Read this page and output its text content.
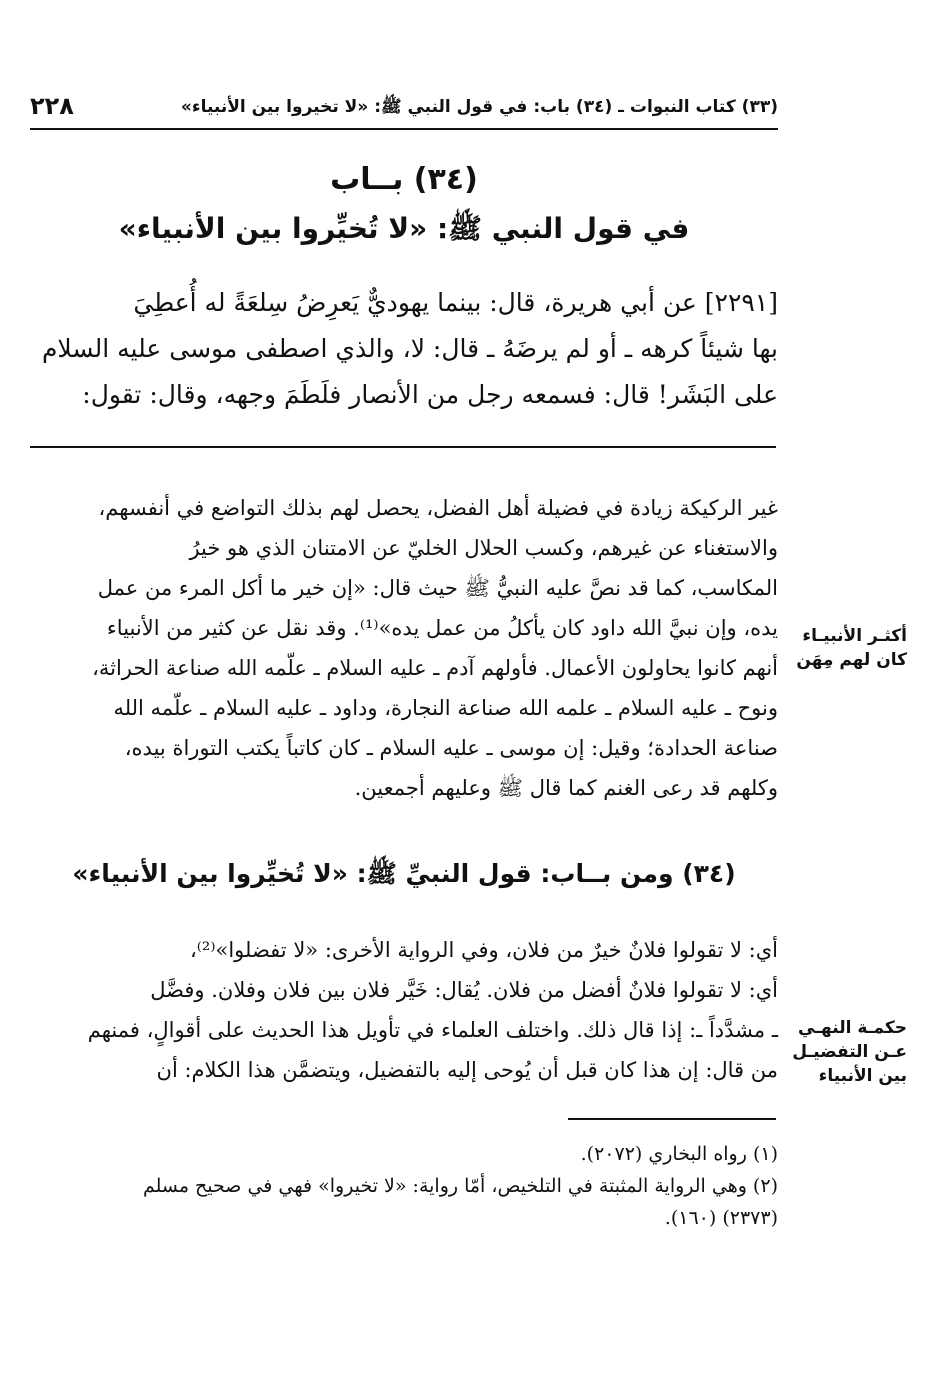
٢٢٨	(٣٣) كتاب النبوات ـ (٣٤) باب: في قول النبي ﷺ: «لا تخيروا بين الأنبياء»
(٣٤) بــاب
في قول النبي ﷺ: «لا تُخيِّروا بين الأنبياء»
[٢٢٩١] عن أبي هريرة، قال: بينما يهوديٌّ يَعرِضُ سِلعَةً له أُعطِيَ
بها شيئاً كرهه ـ أو لم يرضَهُ ـ قال: لا، والذي اصطفى موسى عليه السلام
على البَشَر! قال: فسمعه رجل من الأنصار فلَطَمَ وجهه، وقال: تقول:
غير الركيكة زيادة في فضيلة أهل الفضل، يحصل لهم بذلك التواضع في أنفسهم،
والاستغناء عن غيرهم، وكسب الحلال الخليّ عن الامتنان الذي هو خيرُ
المكاسب، كما قد نصَّ عليه النبيُّ ﷺ حيث قال: «إن خير ما أكل المرء من عمل
يده، وإن نبيَّ الله داود كان يأكلُ من عمل يده»⁽¹⁾. وقد نقل عن كثير من الأنبياء
أنهم كانوا يحاولون الأعمال. فأولهم آدم ـ عليه السلام ـ علّمه الله صناعة الحراثة،
ونوح ـ عليه السلام ـ علمه الله صناعة النجارة، وداود ـ عليه السلام ـ علّمه الله
صناعة الحدادة؛ وقيل: إن موسى ـ عليه السلام ـ كان كاتباً يكتب التوراة بيده،
وكلهم قد رعى الغنم كما قال ﷺ وعليهم أجمعين.
أكثـر الأنبيـاء
كان لهم مِهَن
(٣٤) ومن بــاب: قول النبيِّ ﷺ: «لا تُخيِّروا بين الأنبياء»
أي: لا تقولوا فلانٌ خيرٌ من فلان، وفي الرواية الأخرى: «لا تفضلوا»⁽²⁾،
أي: لا تقولوا فلانٌ أفضل من فلان. يُقال: خَيَّر فلان بين فلان وفلان. وفضَّل
ـ مشدَّداً ـ: إذا قال ذلك. واختلف العلماء في تأويل هذا الحديث على أقوالٍ، فمنهم
من قال: إن هذا كان قبل أن يُوحى إليه بالتفضيل، ويتضمَّن هذا الكلام: أن
حكمـة النهـي
عـن التفضيـل
بين الأنبياء
(١) رواه البخاري (٢٠٧٢).
(٢) وهي الرواية المثبتة في التلخيص، أمّا رواية: «لا تخيروا» فهي في صحيح مسلم
(٢٣٧٣) (١٦٠).
